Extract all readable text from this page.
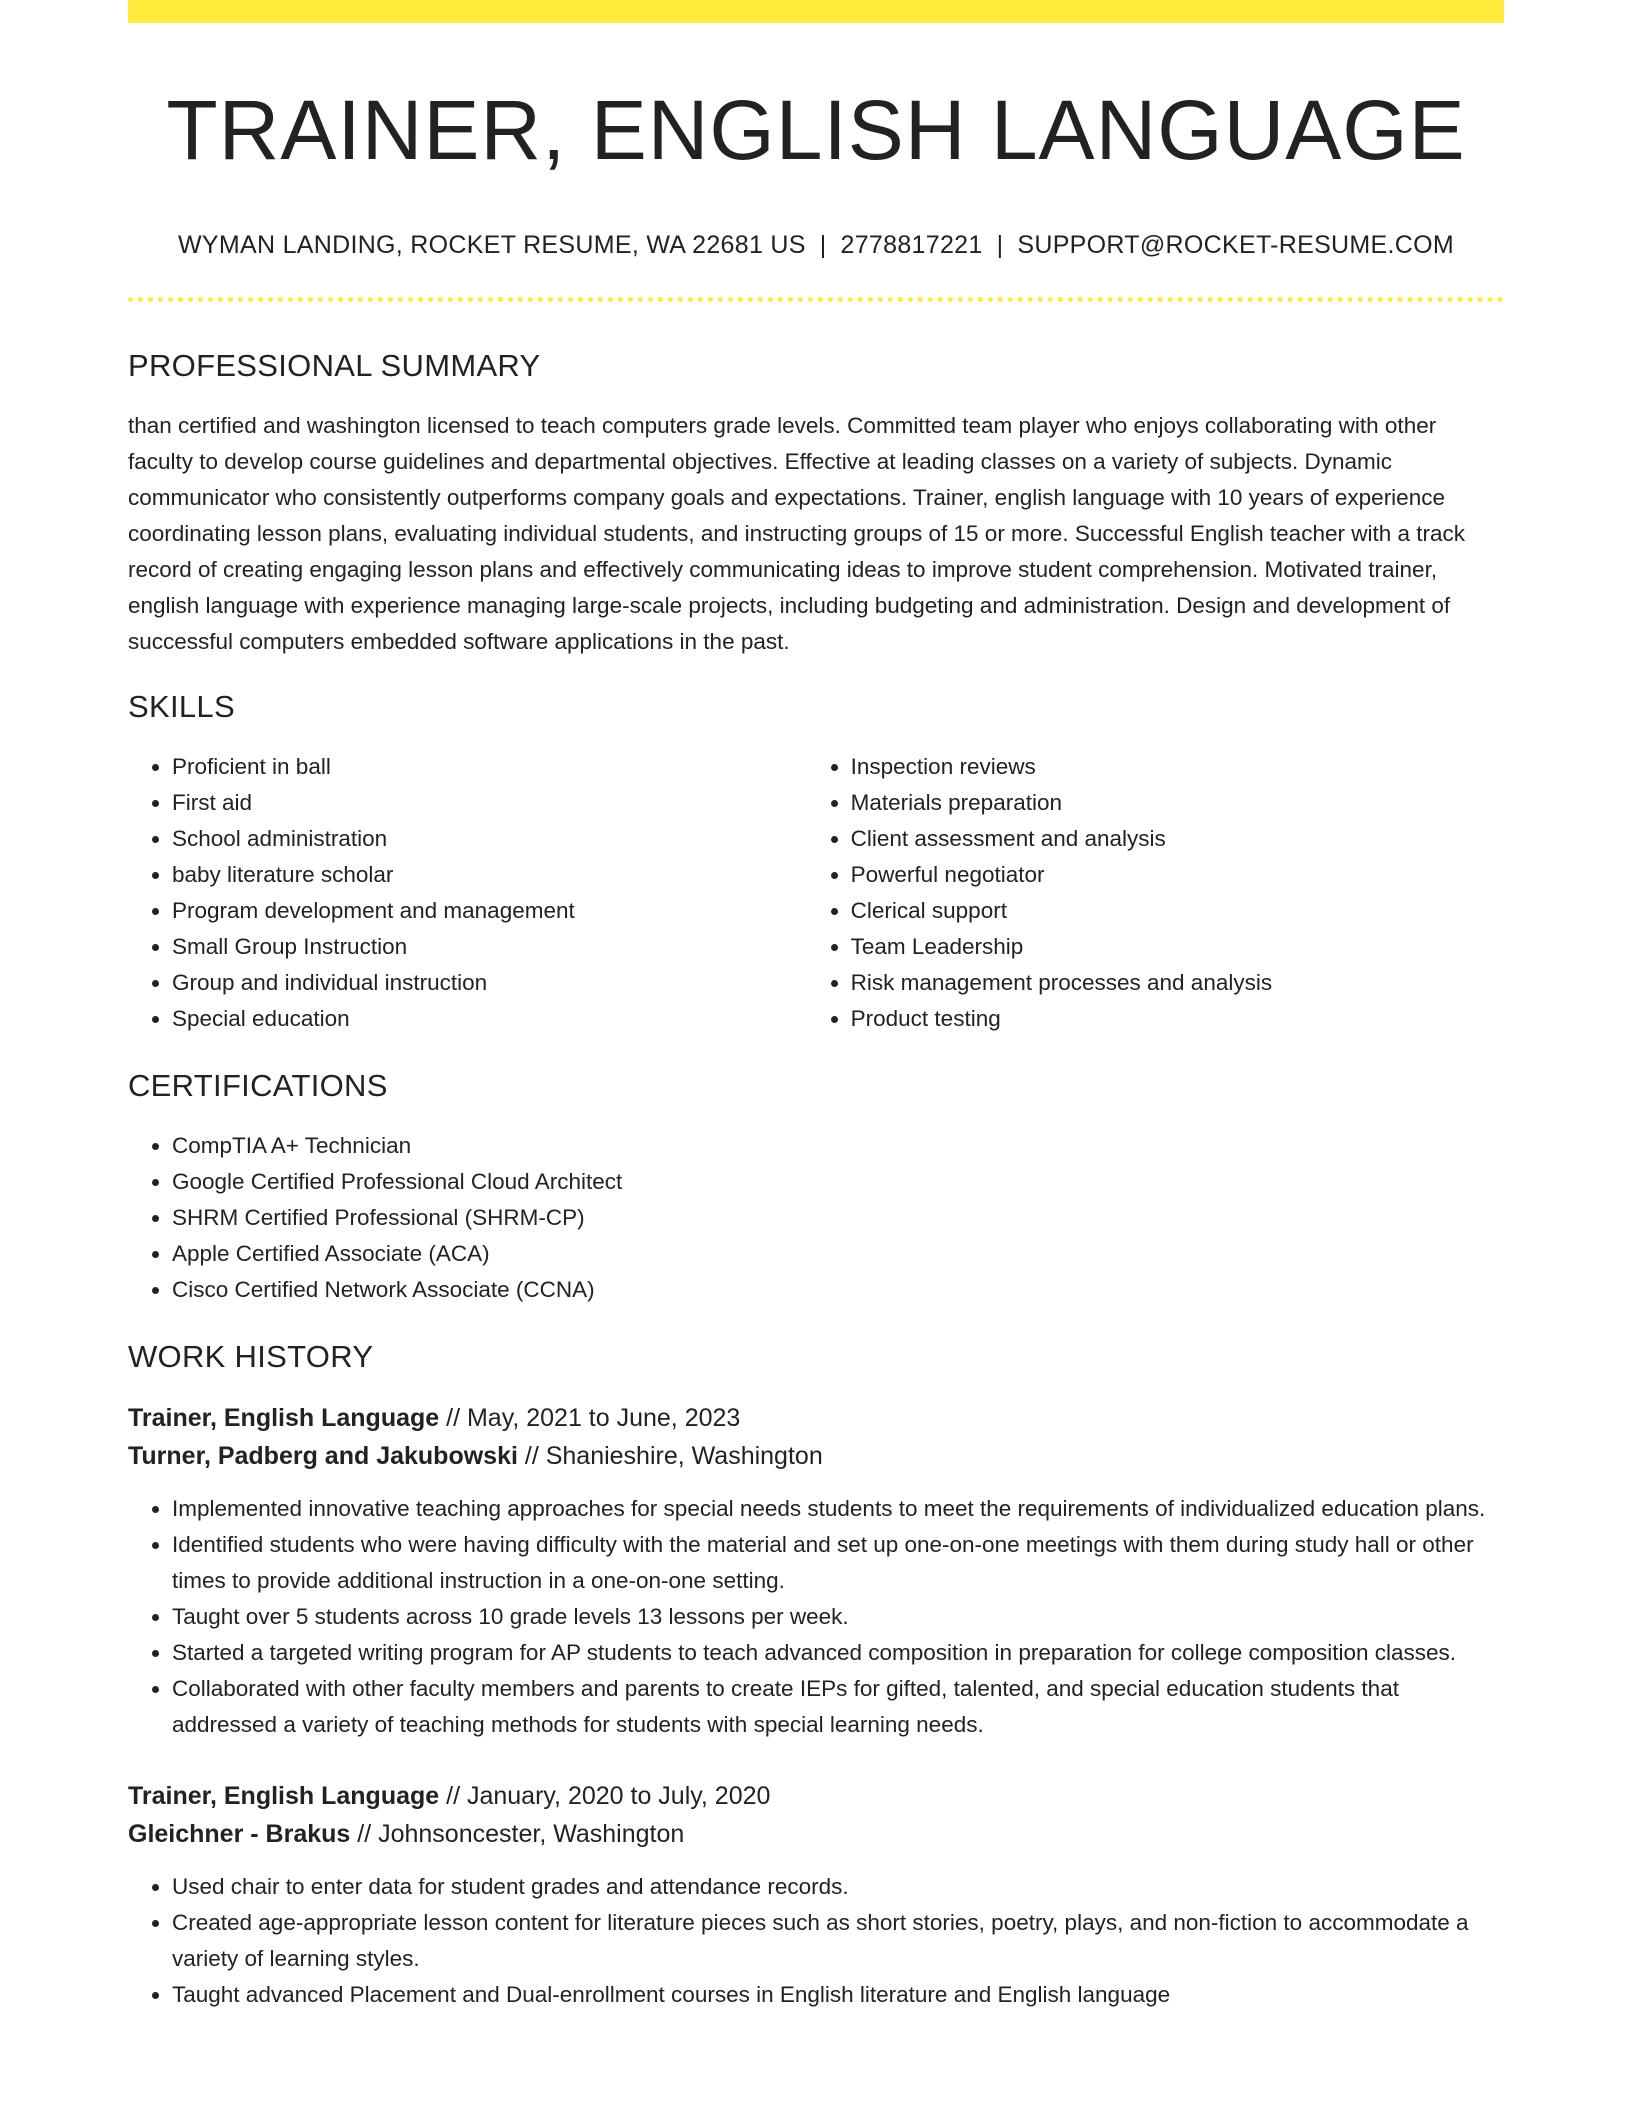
TRAINER, ENGLISH LANGUAGE
WYMAN LANDING, ROCKET RESUME, WA 22681 US | 2778817221 | SUPPORT@ROCKET-RESUME.COM
PROFESSIONAL SUMMARY
than certified and washington licensed to teach computers grade levels. Committed team player who enjoys collaborating with other faculty to develop course guidelines and departmental objectives. Effective at leading classes on a variety of subjects. Dynamic communicator who consistently outperforms company goals and expectations. Trainer, english language with 10 years of experience coordinating lesson plans, evaluating individual students, and instructing groups of 15 or more. Successful English teacher with a track record of creating engaging lesson plans and effectively communicating ideas to improve student comprehension. Motivated trainer, english language with experience managing large-scale projects, including budgeting and administration. Design and development of successful computers embedded software applications in the past.
SKILLS
• Proficient in ball
• First aid
• School administration
• baby literature scholar
• Program development and management
• Small Group Instruction
• Group and individual instruction
• Special education
• Inspection reviews
• Materials preparation
• Client assessment and analysis
• Powerful negotiator
• Clerical support
• Team Leadership
• Risk management processes and analysis
• Product testing
CERTIFICATIONS
• CompTIA A+ Technician
• Google Certified Professional Cloud Architect
• SHRM Certified Professional (SHRM-CP)
• Apple Certified Associate (ACA)
• Cisco Certified Network Associate (CCNA)
WORK HISTORY
Trainer, English Language // May, 2021 to June, 2023
Turner, Padberg and Jakubowski // Shanieshire, Washington
• Implemented innovative teaching approaches for special needs students to meet the requirements of individualized education plans.
• Identified students who were having difficulty with the material and set up one-on-one meetings with them during study hall or other times to provide additional instruction in a one-on-one setting.
• Taught over 5 students across 10 grade levels 13 lessons per week.
• Started a targeted writing program for AP students to teach advanced composition in preparation for college composition classes.
• Collaborated with other faculty members and parents to create IEPs for gifted, talented, and special education students that addressed a variety of teaching methods for students with special learning needs.
Trainer, English Language // January, 2020 to July, 2020
Gleichner - Brakus // Johnsoncester, Washington
• Used chair to enter data for student grades and attendance records.
• Created age-appropriate lesson content for literature pieces such as short stories, poetry, plays, and non-fiction to accommodate a variety of learning styles.
• Taught advanced Placement and Dual-enrollment courses in English literature and English language
